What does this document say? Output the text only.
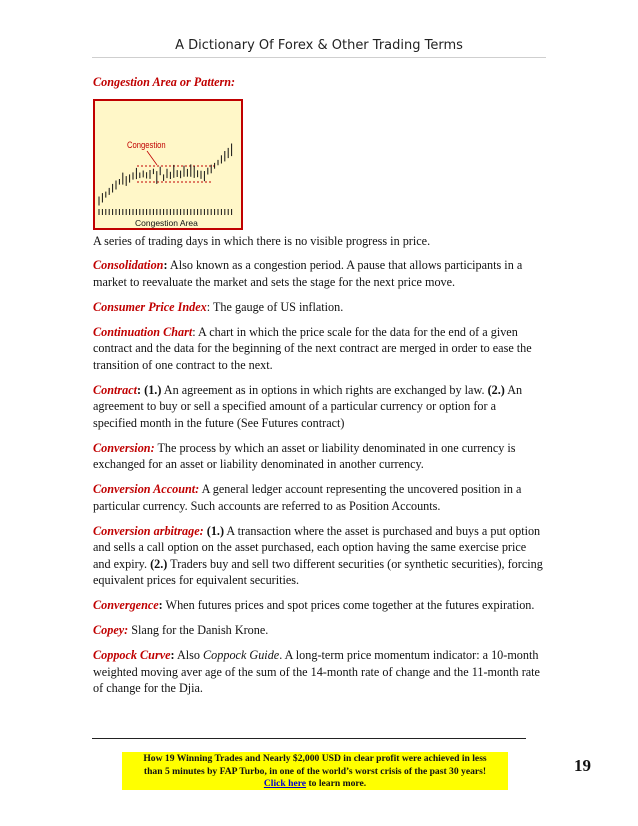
A Dictionary Of Forex & Other Trading Terms
Congestion Area or Pattern:
Congestion
Congestion Area
A series of trading days in which there is no visible progress in price.
Consolidation: Also known as a congestion period. A pause that allows participants in a market to reevaluate the market and sets the stage for the next price move.
Consumer Price Index: The gauge of US inflation.
Continuation Chart: A chart in which the price scale for the data for the end of a given contract and the data for the beginning of the next contract are merged in order to ease the transition of one contract to the next.
Contract: (1.) An agreement as in options in which rights are exchanged by law. (2.) An agreement to buy or sell a specified amount of a particular currency or option for a specified month in the future (See Futures contract)
Conversion: The process by which an asset or liability denominated in one currency is exchanged for an asset or liability denominated in another currency.
Conversion Account: A general ledger account representing the uncovered position in a particular currency. Such accounts are referred to as Position Accounts.
Conversion arbitrage: (1.) A transaction where the asset is purchased and buys a put option and sells a call option on the asset purchased, each option having the same exercise price and expiry. (2.) Traders buy and sell two different securities (or synthetic securities), forcing equivalent prices for equivalent securities.
Convergence: When futures prices and spot prices come together at the futures expiration.
Copey: Slang for the Danish Krone.
Coppock Curve: Also Coppock Guide. A long-term price momentum indicator: a 10-month weighted moving aver age of the sum of the 14-month rate of change and the 11-month rate of change for the Djia.
How 19 Winning Trades and Nearly $2,000 USD in clear profit were achieved in less
than 5 minutes by FAP Turbo, in one of the world’s worst crisis of the past 30 years!
Click here to learn more.
19
